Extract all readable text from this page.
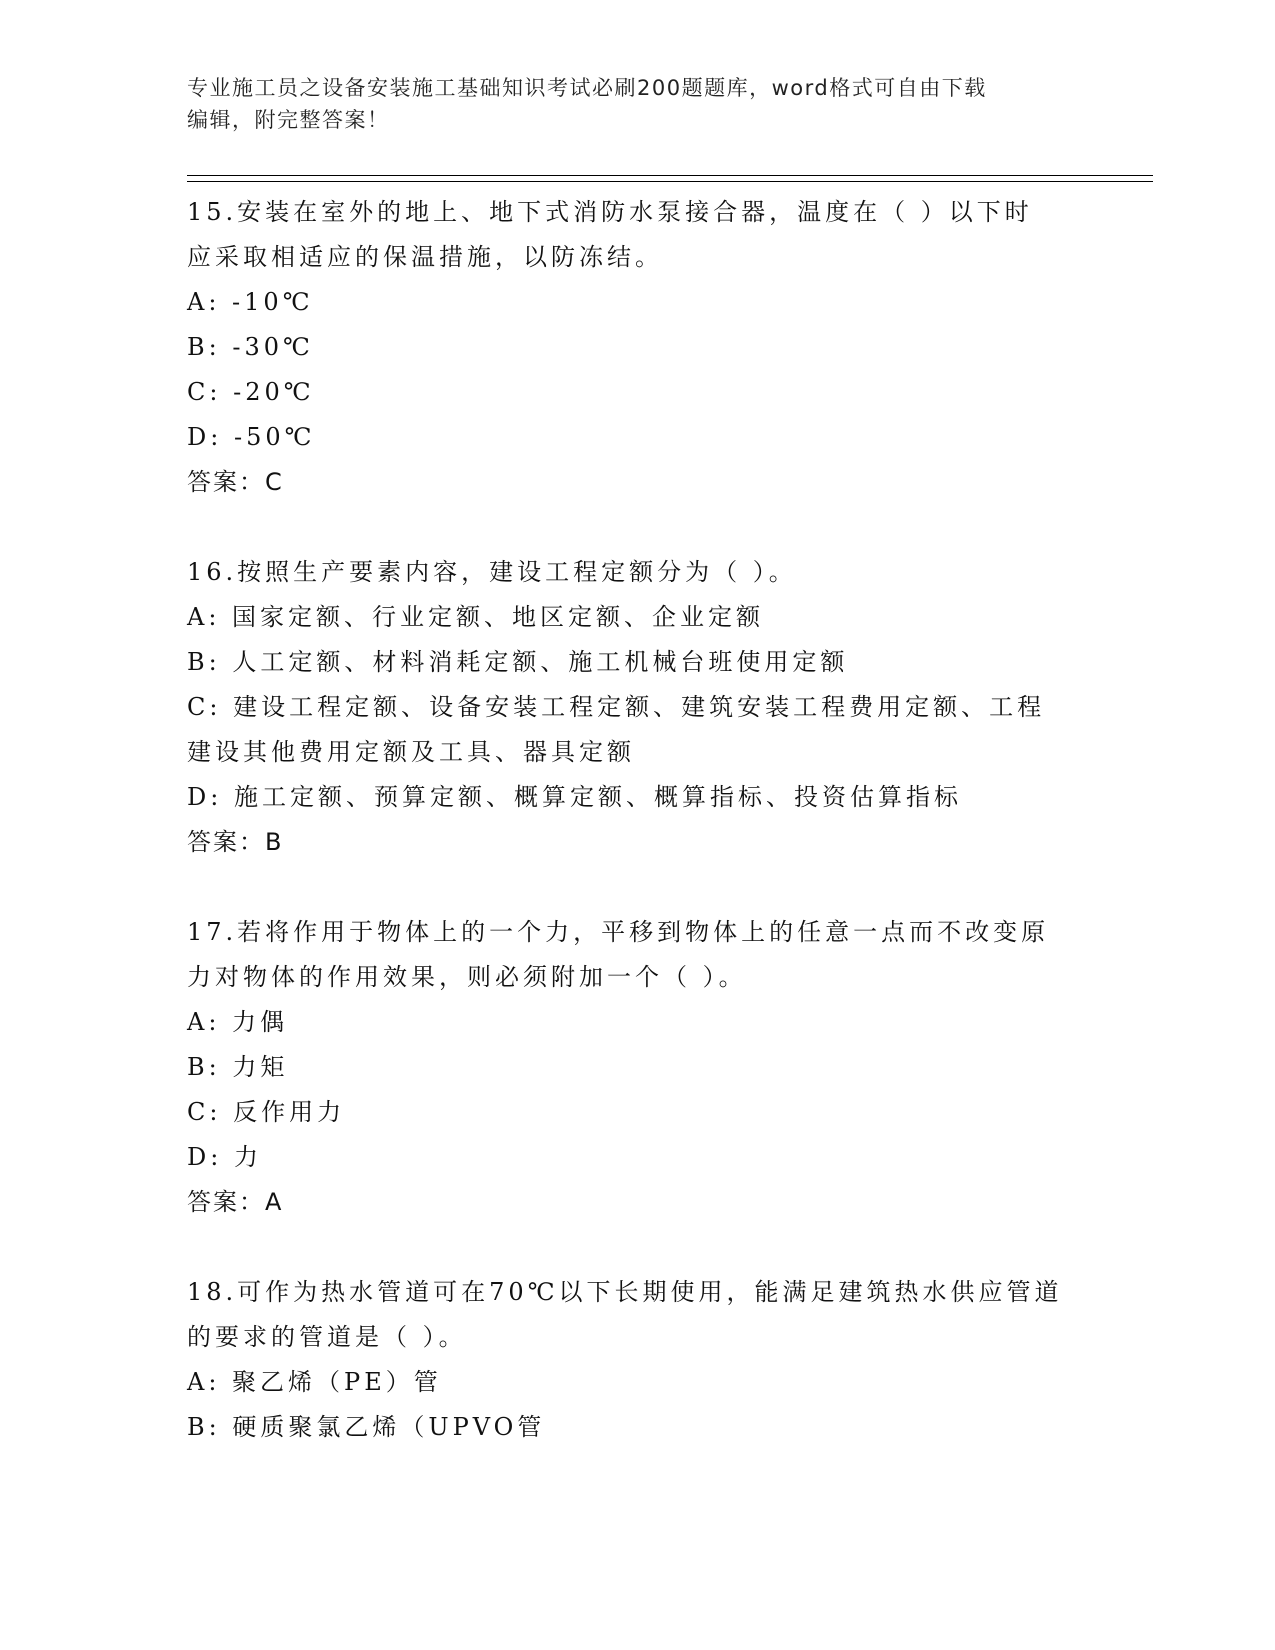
专业施工员之设备安装施工基础知识考试必刷200题题库，word格式可自由下载
编辑，附完整答案！
15.安装在室外的地上、地下式消防水泵接合器，温度在（ ）以下时
应采取相适应的保温措施，以防冻结。
A: -10℃
B: -30℃
C: -20℃
D: -50℃
答案：C
16.按照生产要素内容，建设工程定额分为（ ）。
A: 国家定额、行业定额、地区定额、企业定额
B: 人工定额、材料消耗定额、施工机械台班使用定额
C: 建设工程定额、设备安装工程定额、建筑安装工程费用定额、工程
建设其他费用定额及工具、器具定额
D: 施工定额、预算定额、概算定额、概算指标、投资估算指标
答案：B
17.若将作用于物体上的一个力，平移到物体上的任意一点而不改变原
力对物体的作用效果，则必须附加一个（ ）。
A: 力偶
B: 力矩
C: 反作用力
D: 力
答案：A
18.可作为热水管道可在70℃以下长期使用，能满足建筑热水供应管道
的要求的管道是（ ）。
A: 聚乙烯（PE）管
B: 硬质聚氯乙烯（UPVO管
